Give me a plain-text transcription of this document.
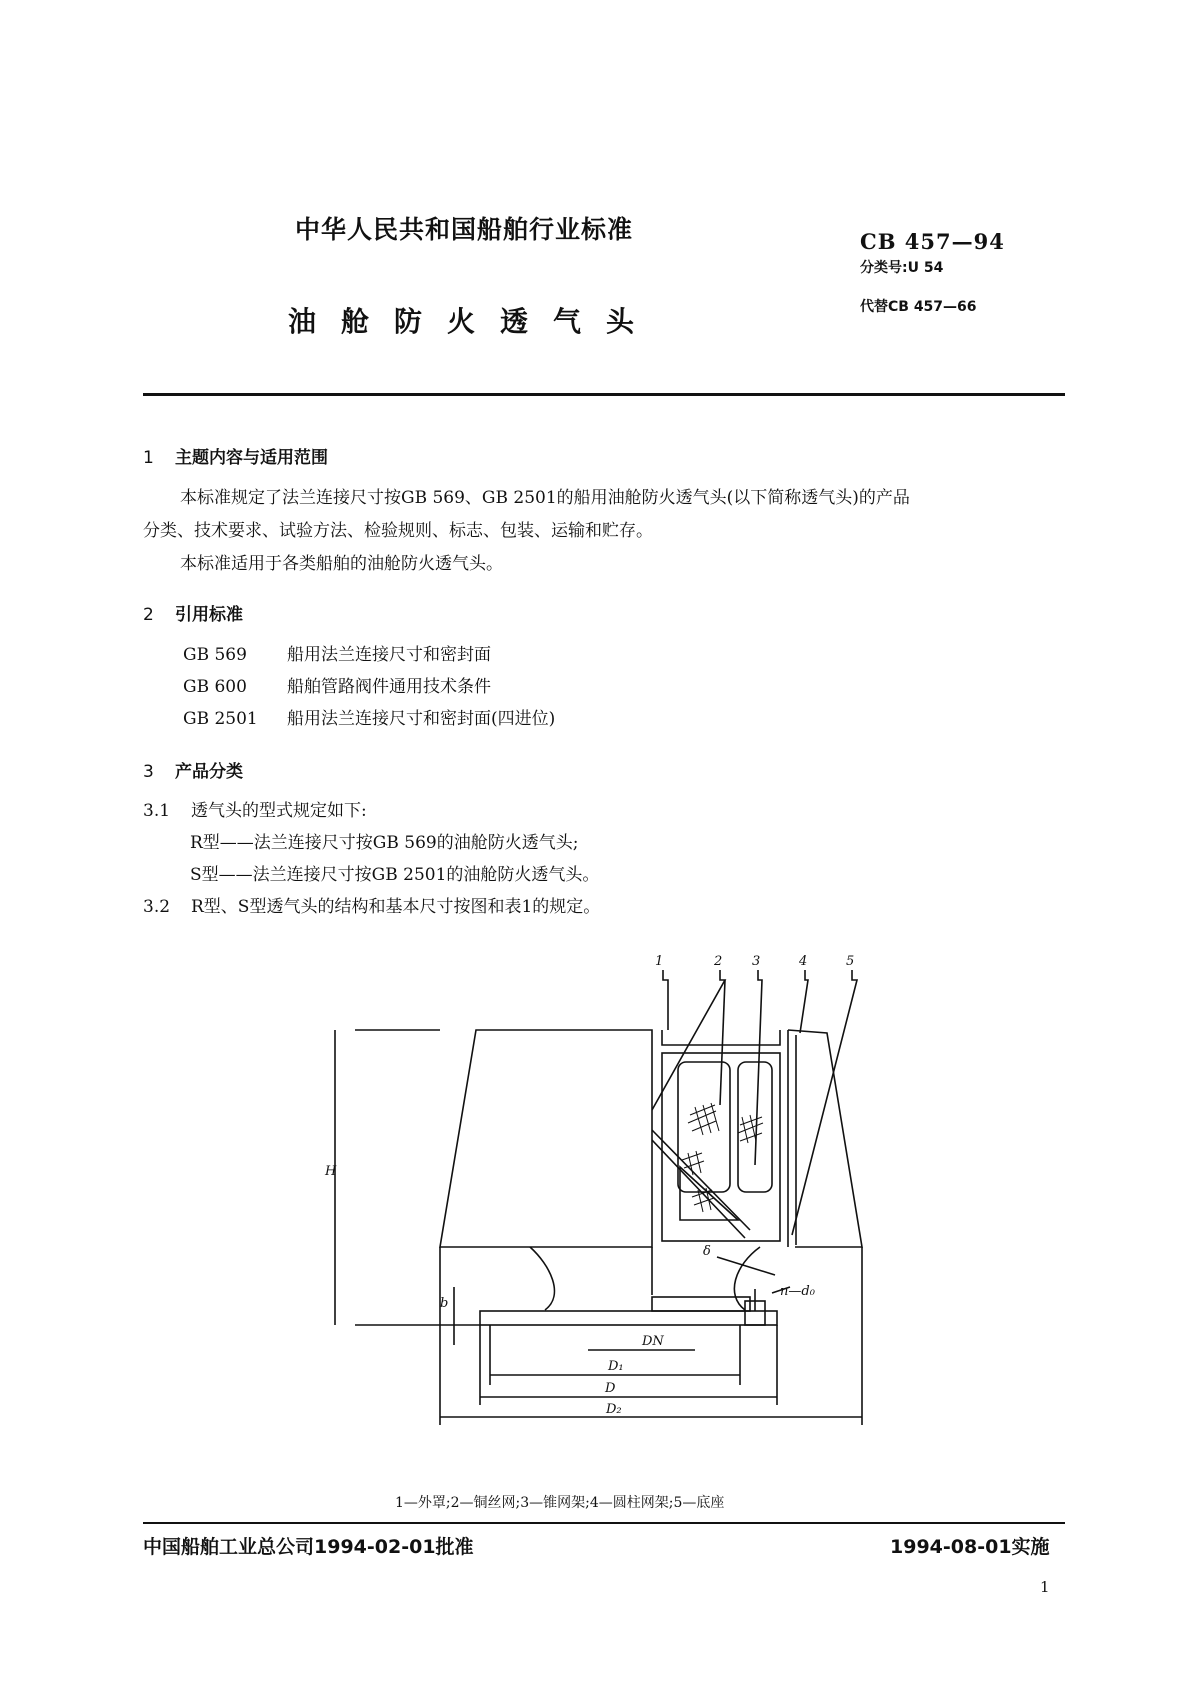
中华人民共和国船舶行业标准
油舱防火透气头
CB 457—94
分类号:U 54
代替CB 457—66
1 主题内容与适用范围
本标准规定了法兰连接尺寸按GB 569、GB 2501的船用油舱防火透气头(以下简称透气头)的产品
分类、技术要求、试验方法、检验规则、标志、包装、运输和贮存。
本标准适用于各类船舶的油舱防火透气头。
2 引用标准
GB 569 船用法兰连接尺寸和密封面
GB 600 船舶管路阀件通用技术条件
GB 2501 船用法兰连接尺寸和密封面(四进位)
3 产品分类
3.1 透气头的型式规定如下:
R型——法兰连接尺寸按GB 569的油舱防火透气头;
S型——法兰连接尺寸按GB 2501的油舱防火透气头。
3.2 R型、S型透气头的结构和基本尺寸按图和表1的规定。
1	2 3	4	5
H
b
δ
n—d₀
DN
D₁
D
D₂
1—外罩;2—铜丝网;3—锥网架;4—圆柱网架;5—底座
中国船舶工业总公司1994-02-01批准	1994-08-01实施
1
